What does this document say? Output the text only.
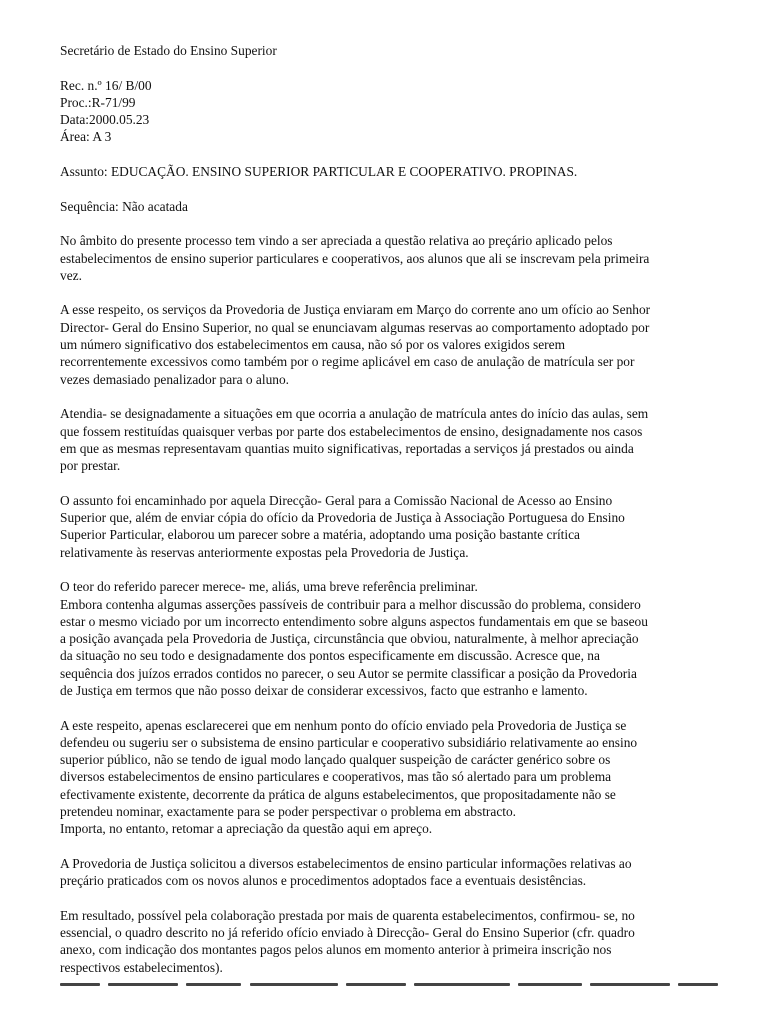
Secretário de Estado do Ensino Superior

Rec. n.º 16/ B/00
Proc.:R-71/99
Data:2000.05.23
Área: A 3

Assunto: EDUCAÇÃO. ENSINO SUPERIOR PARTICULAR E COOPERATIVO. PROPINAS.

Sequência: Não acatada

No âmbito do presente processo tem vindo a ser apreciada a questão relativa ao preçário aplicado pelos
estabelecimentos de ensino superior particulares e cooperativos, aos alunos que ali se inscrevam pela primeira
vez.

A esse respeito, os serviços da Provedoria de Justiça enviaram em Março do corrente ano um ofício ao Senhor
Director- Geral do Ensino Superior, no qual se enunciavam algumas reservas ao comportamento adoptado por
um número significativo dos estabelecimentos em causa, não só por os valores exigidos serem
recorrentemente excessivos como também por o regime aplicável em caso de anulação de matrícula ser por
vezes demasiado penalizador para o aluno.

Atendia- se designadamente a situações em que ocorria a anulação de matrícula antes do início das aulas, sem
que fossem restituídas quaisquer verbas por parte dos estabelecimentos de ensino, designadamente nos casos
em que as mesmas representavam quantias muito significativas, reportadas a serviços já prestados ou ainda
por prestar.

O assunto foi encaminhado por aquela Direcção- Geral para a Comissão Nacional de Acesso ao Ensino
Superior que, além de enviar cópia do ofício da Provedoria de Justiça à Associação Portuguesa do Ensino
Superior Particular, elaborou um parecer sobre a matéria, adoptando uma posição bastante crítica
relativamente às reservas anteriormente expostas pela Provedoria de Justiça.

O teor do referido parecer merece- me, aliás, uma breve referência preliminar.
Embora contenha algumas asserções passíveis de contribuir para a melhor discussão do problema, considero
estar o mesmo viciado por um incorrecto entendimento sobre alguns aspectos fundamentais em que se baseou
a posição avançada pela Provedoria de Justiça, circunstância que obviou, naturalmente, à melhor apreciação
da situação no seu todo e designadamente dos pontos especificamente em discussão. Acresce que, na
sequência dos juízos errados contidos no parecer, o seu Autor se permite classificar a posição da Provedoria
de Justiça em termos que não posso deixar de considerar excessivos, facto que estranho e lamento.

A este respeito, apenas esclarecerei que em nenhum ponto do ofício enviado pela Provedoria de Justiça se
defendeu ou sugeriu ser o subsistema de ensino particular e cooperativo subsidiário relativamente ao ensino
superior público, não se tendo de igual modo lançado qualquer suspeição de carácter genérico sobre os
diversos estabelecimentos de ensino particulares e cooperativos, mas tão só alertado para um problema
efectivamente existente, decorrente da prática de alguns estabelecimentos, que propositadamente não se
pretendeu nominar, exactamente para se poder perspectivar o problema em abstracto.
Importa, no entanto, retomar a apreciação da questão aqui em apreço.

A Provedoria de Justiça solicitou a diversos estabelecimentos de ensino particular informações relativas ao
preçário praticados com os novos alunos e procedimentos adoptados face a eventuais desistências.

Em resultado, possível pela colaboração prestada por mais de quarenta estabelecimentos, confirmou- se, no
essencial, o quadro descrito no já referido ofício enviado à Direcção- Geral do Ensino Superior (cfr. quadro
anexo, com indicação dos montantes pagos pelos alunos em momento anterior à primeira inscrição nos
respectivos estabelecimentos).
